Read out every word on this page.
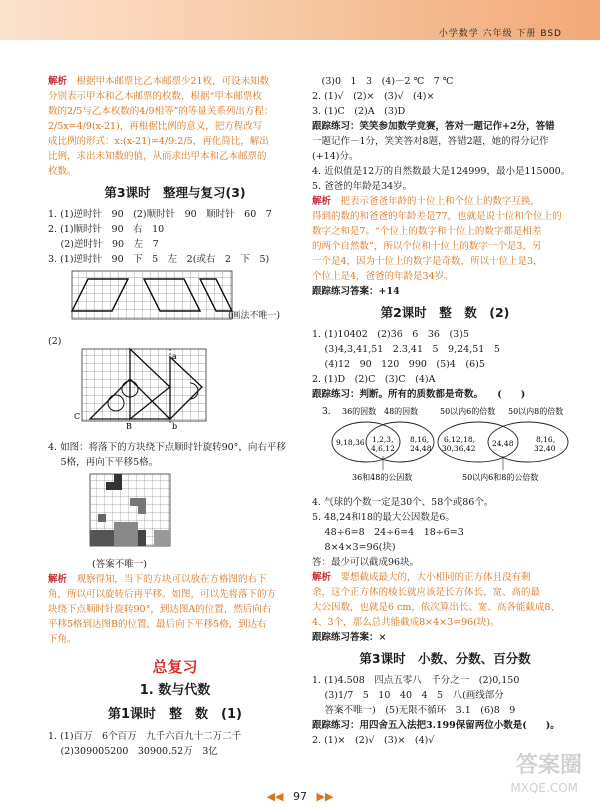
小学数学 六年级 下册 BSD
解析　根据甲本邮票比乙本邮票少21枚，可设未知数
分别表示甲本和乙本邮票的枚数，根据“甲本邮票枚
数的2/5与乙本枚数的4/9相等”的等量关系列出方程：
2/5x=4/9(x-21)，再根据比例的意义，把方程改写
成比例的形式：x:(x-21)=4/9:2/5，再化简比，解出
比例，求出未知数的值，从而求出甲本和乙本邮票的
枚数。
第3课时　整理与复习(3)
1. (1)逆时针　90　(2)顺时针　90　顺时针　60　7
2. (1)顺时针　90　右　10
　 (2)逆时针　90　左　7
3. (1)逆时针　90　下　5　左　2(或右　2　下　5)
(画法不唯一)
(2)
a
C
B	b
4. 如图：将落下的方块绕下点顺时针旋转90°，向右平移
　 5格，再向下平移5格。
(答案不唯一)
解析　观察得知，当下的方块可以放在方格图的右下
角，所以可以旋转后再平移。如图，可以先将落下的方
块绕下点顺时针旋转90°，到达图A的位置，然后向右
平移5格到达图B的位置，最后向下平移5格，到达右
下角。
总复习
1. 数与代数
第1课时　整　数　(1)
1. (1)百万　6个百万　九千六百九十二万二千
　 (2)309005200　30900.52万　3亿
　(3)0　1　3　(4)－2 ℃　7 ℃
2. (1)√　(2)×　(3)√　(4)×
3. (1)C　(2)A　(3)D
跟踪练习：笑笑参加数学竞赛，答对一题记作+2分，答错
一题记作－1分，笑笑答对8题，答错2题，她的得分记作
(+14)分。
4. 近似值是12万的自然数最大是124999，最小是115000。
5. 爸爸的年龄是34岁。
解析　把表示爸爸年龄的十位上和个位上的数字互换，
得到的数的和爸爸的年龄差是77，也就是说十位和个位上的
数字之和是7。“个位上的数字和十位上的数字都是相差
的两个自然数”，所以个位和十位上的数字一个是3，另
一个是4，因为十位上的数字是奇数，所以十位上是3，
个位上是4，爸爸的年龄是34岁。
跟踪练习答案：+14
第2课时　整　数　(2)
1. (1)10402　(2)36　6　36　(3)5
　 (3)4,3,41,51　2.3,41　5　9,24,51　5
　 (4)12　90　120　990　(5)4　(6)5
2. (1)D　(2)C　(3)C　(4)A
跟踪练习：判断。所有的质数都是奇数。　　(　　)
3. 36的因数 48的因数	50以内6的倍数 50以内8的倍数
9,18,36 1,2,3,
4,6,12
8,16,
24,48
6,12,18,
30,36,42
24,48	8,16,
32,40
36和48的公因数	50以内6和8的公倍数
4. 气球的个数一定是30个、58个或86个。
5. 48,24和18的最大公因数是6。
　 48÷6=8　24÷6=4　18÷6=3
　 8×4×3=96(块)
答：最少可以截成96块。
解析　要想截成最大的，大小相同的正方体且没有剩
余，这个正方体的棱长就应该是长方体长、宽、高的最
大公因数，也就是6 cm，依次算出长、宽、高各能截成8、
4、3个，那么总共能截成8×4×3=96(块)。
跟踪练习答案：×
第3课时　小数、分数、百分数
1. (1)4.508　四点五零八　千分之一　(2)0,150
　 (3)1/7　5　10　40　4　5　八(画线部分
　 答案不唯一)　(5)无限不循环　3.1　(6)8　9
跟踪练习：用四舍五入法把3.199保留两位小数是(　　)。
2. (1)×　(2)√　(3)×　(4)√
◀◀ 97 ▶▶
答案圈
MXQE.COM
